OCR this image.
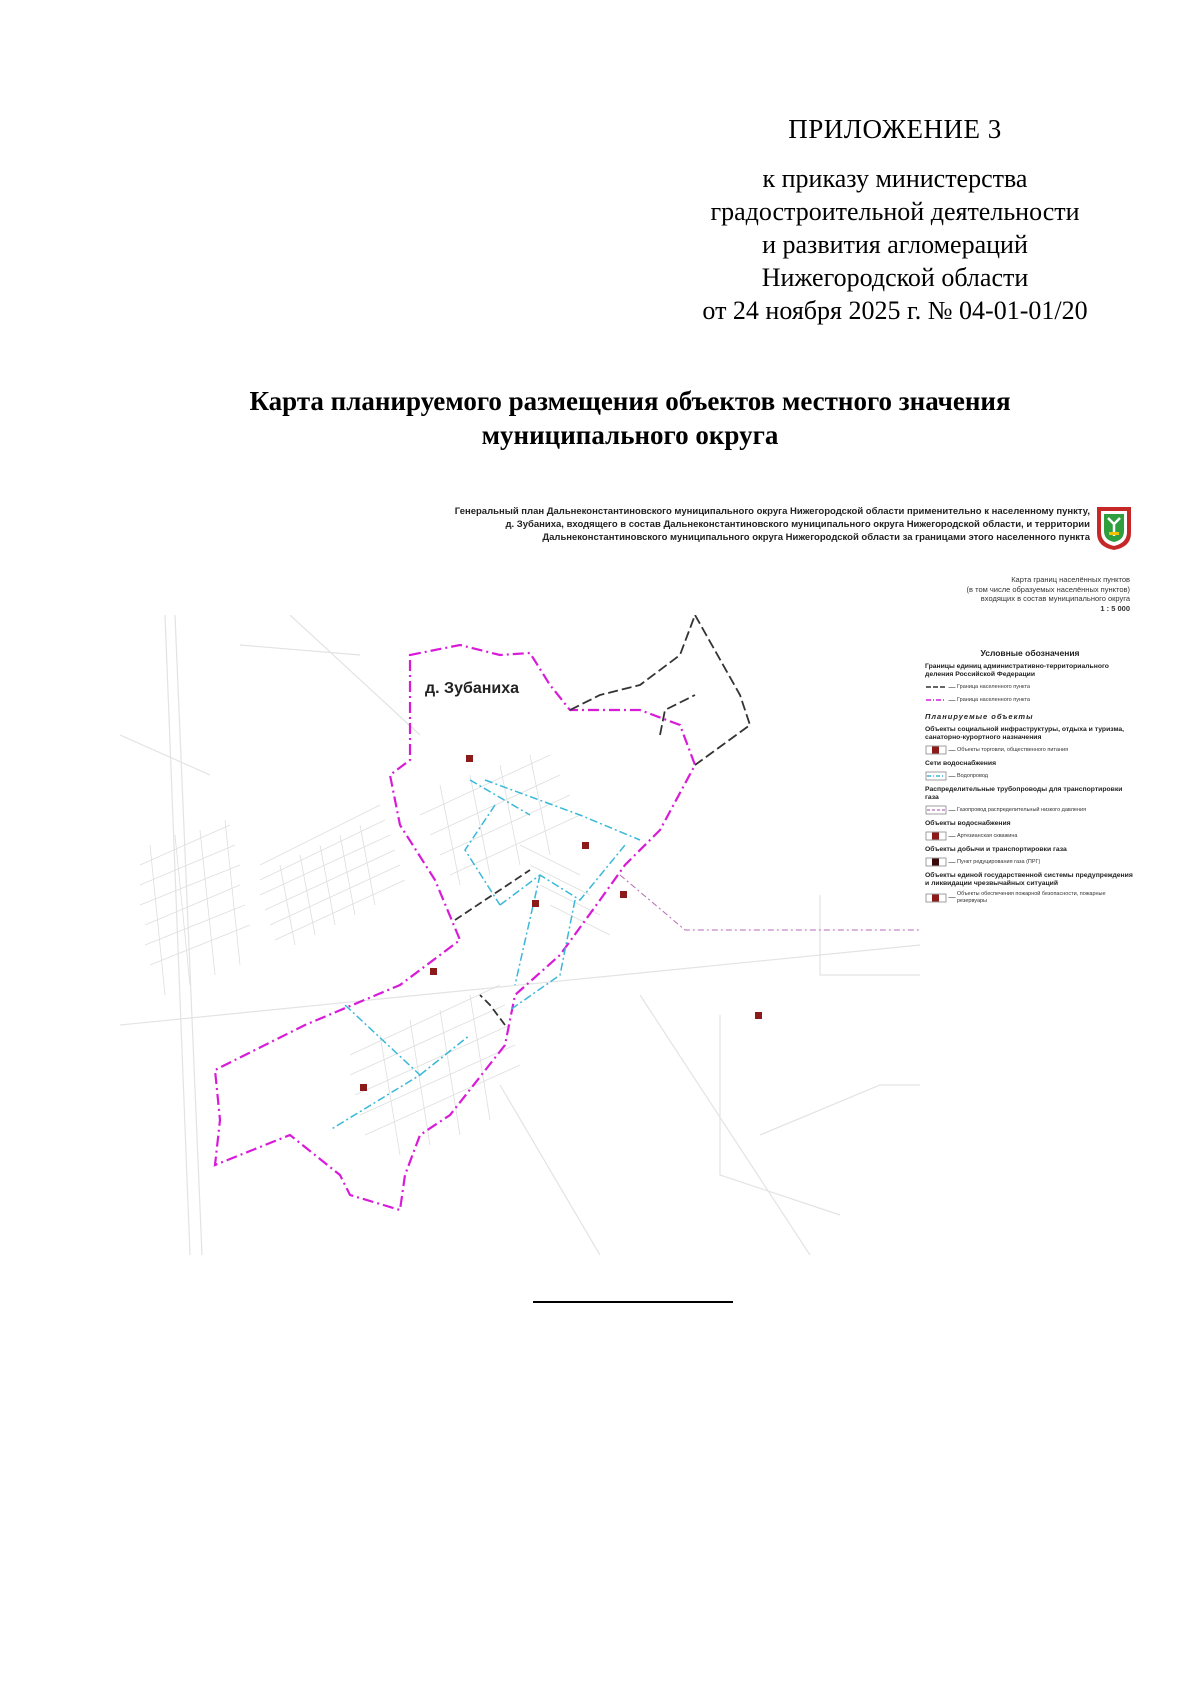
ПРИЛОЖЕНИЕ 3
к приказу министерства
градостроительной деятельности
и развития агломераций
Нижегородской области
от 24 ноября 2025 г. № 04-01-01/20
Карта планируемого размещения объектов местного значения
муниципального округа
Генеральный план Дальнеконстантиновского муниципального округа Нижегородской области применительно к населенному пункту,
д. Зубаниха, входящего в состав Дальнеконстантиновского муниципального округа Нижегородской области, и территории
Дальнеконстантиновского муниципального округа Нижегородской области за границами этого населенного пункта
Карта границ населённых пунктов
(в том числе образуемых населённых пунктов)
входящих в состав муниципального округа
1 : 5 000
д. Зубаниха
Условные обозначения
Границы единиц административно-территориального деления Российской Федерации
— Граница населенного пункта
— Граница населенного пункта
Планируемые объекты
Объекты социальной инфраструктуры, отдыха и туризма, санаторно-курортного назначения
— Объекты торговли, общественного питания
Сети водоснабжения
— Водопровод
Распределительные трубопроводы для транспортировки газа
— Газопровод распределительный низкого давления
Объекты водоснабжения
— Артезианская скважина
Объекты добычи и транспортировки газа
— Пункт редуцирования газа (ПРГ)
Объекты единой государственной системы предупреждения и ликвидации чрезвычайных ситуаций
— Объекты обеспечения пожарной безопасности, пожарные резервуары
